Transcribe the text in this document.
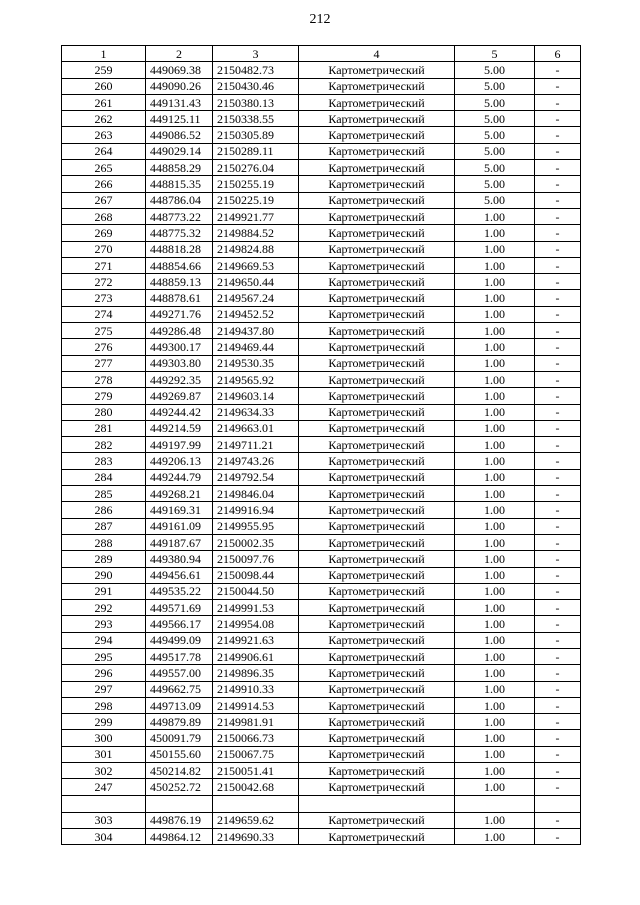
212
1	2	3	4	5	6
259	449069.38	2150482.73	Картометрический	5.00	-
260	449090.26	2150430.46	Картометрический	5.00	-
261	449131.43	2150380.13	Картометрический	5.00	-
262	449125.11	2150338.55	Картометрический	5.00	-
263	449086.52	2150305.89	Картометрический	5.00	-
264	449029.14	2150289.11	Картометрический	5.00	-
265	448858.29	2150276.04	Картометрический	5.00	-
266	448815.35	2150255.19	Картометрический	5.00	-
267	448786.04	2150225.19	Картометрический	5.00	-
268	448773.22	2149921.77	Картометрический	1.00	-
269	448775.32	2149884.52	Картометрический	1.00	-
270	448818.28	2149824.88	Картометрический	1.00	-
271	448854.66	2149669.53	Картометрический	1.00	-
272	448859.13	2149650.44	Картометрический	1.00	-
273	448878.61	2149567.24	Картометрический	1.00	-
274	449271.76	2149452.52	Картометрический	1.00	-
275	449286.48	2149437.80	Картометрический	1.00	-
276	449300.17	2149469.44	Картометрический	1.00	-
277	449303.80	2149530.35	Картометрический	1.00	-
278	449292.35	2149565.92	Картометрический	1.00	-
279	449269.87	2149603.14	Картометрический	1.00	-
280	449244.42	2149634.33	Картометрический	1.00	-
281	449214.59	2149663.01	Картометрический	1.00	-
282	449197.99	2149711.21	Картометрический	1.00	-
283	449206.13	2149743.26	Картометрический	1.00	-
284	449244.79	2149792.54	Картометрический	1.00	-
285	449268.21	2149846.04	Картометрический	1.00	-
286	449169.31	2149916.94	Картометрический	1.00	-
287	449161.09	2149955.95	Картометрический	1.00	-
288	449187.67	2150002.35	Картометрический	1.00	-
289	449380.94	2150097.76	Картометрический	1.00	-
290	449456.61	2150098.44	Картометрический	1.00	-
291	449535.22	2150044.50	Картометрический	1.00	-
292	449571.69	2149991.53	Картометрический	1.00	-
293	449566.17	2149954.08	Картометрический	1.00	-
294	449499.09	2149921.63	Картометрический	1.00	-
295	449517.78	2149906.61	Картометрический	1.00	-
296	449557.00	2149896.35	Картометрический	1.00	-
297	449662.75	2149910.33	Картометрический	1.00	-
298	449713.09	2149914.53	Картометрический	1.00	-
299	449879.89	2149981.91	Картометрический	1.00	-
300	450091.79	2150066.73	Картометрический	1.00	-
301	450155.60	2150067.75	Картометрический	1.00	-
302	450214.82	2150051.41	Картометрический	1.00	-
247	450252.72	2150042.68	Картометрический	1.00	-

303	449876.19	2149659.62	Картометрический	1.00	-
304	449864.12	2149690.33	Картометрический	1.00	-
